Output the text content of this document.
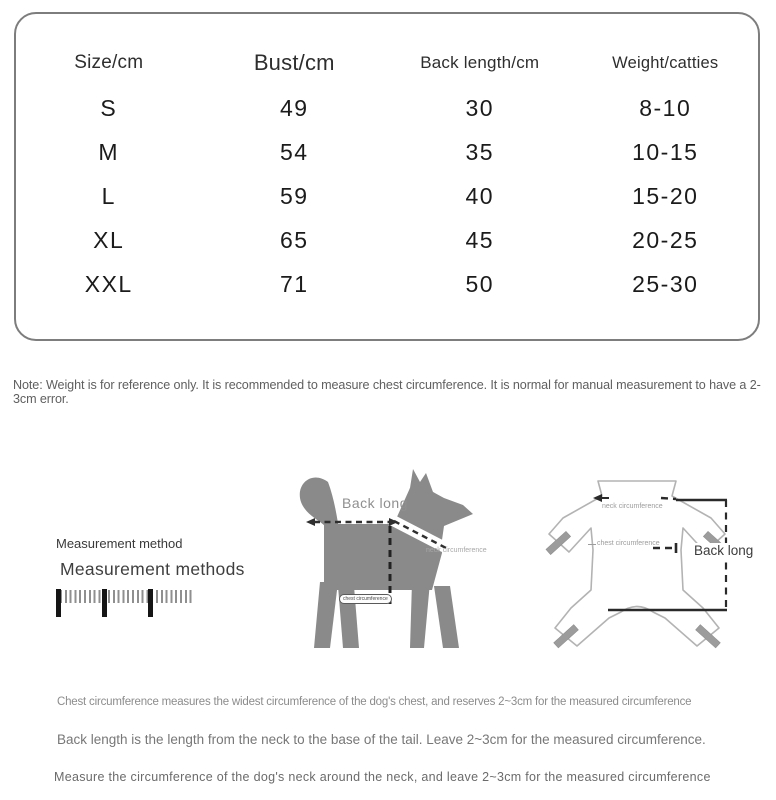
Size/cm	Bust/cm	Back length/cm	Weight/catties
S	49	30	8-10
M	54	35	10-15
L	59	40	15-20
XL	65	45	20-25
XXL	71	50	25-30

Note: Weight is for reference only. It is recommended to measure chest circumference. It is normal for manual measurement to have a 2-3cm error.

Measurement method

Measurement methods

Back long
neck circumference
chest circumference
neck circumference
chest circumference	Back long

Chest circumference measures the widest circumference of the dog's chest, and reserves 2~3cm for the measured circumference

Back length is the length from the neck to the base of the tail. Leave 2~3cm for the measured circumference.

Measure the circumference of the dog's neck around the neck, and leave 2~3cm for the measured circumference
